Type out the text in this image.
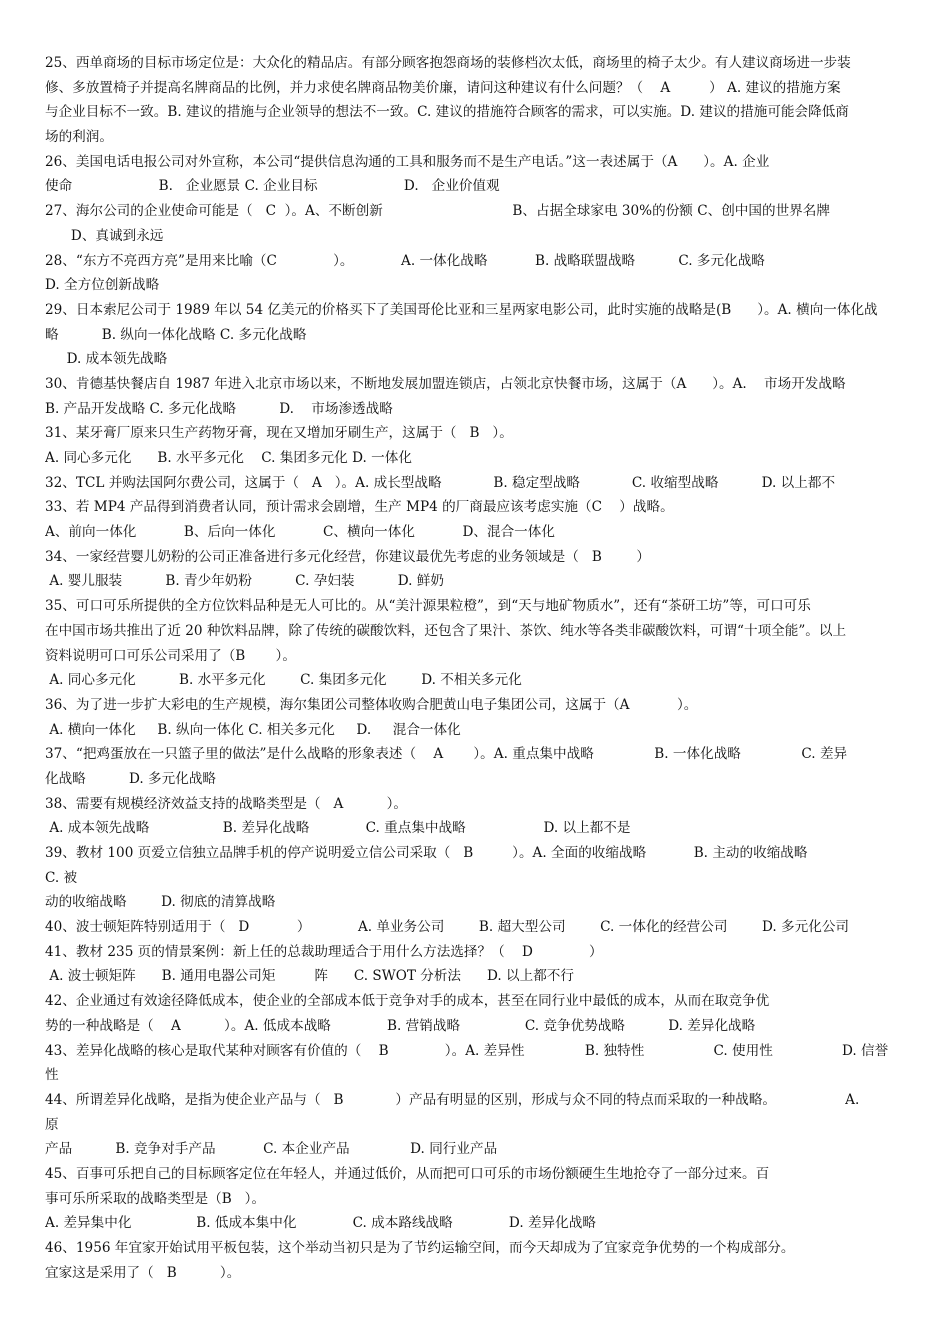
25、西单商场的目标市场定位是：大众化的精品店。有部分顾客抱怨商场的装修档次太低，商场里的椅子太少。有人建议商场进一步装
修、多放置椅子并提高名牌商品的比例，并力求使名牌商品物美价廉，请问这种建议有什么问题？（    A         ） A. 建议的措施方案
与企业目标不一致。B. 建议的措施与企业领导的想法不一致。C. 建议的措施符合顾客的需求，可以实施。D. 建议的措施可能会降低商
场的利润。
26、美国电话电报公司对外宣称，本公司“提供信息沟通的工具和服务而不是生产电话。”这一表述属于（A      ）。A. 企业
使命                    B.   企业愿景 C. 企业目标                    D.   企业价值观
27、海尔公司的企业使命可能是（   C  ）。A、不断创新                              B、占据全球家电 30%的份额 C、创中国的世界名牌
D、真诚到永远
28、“东方不亮西方亮”是用来比喻（C             ）。           A. 一体化战略           B. 战略联盟战略          C. 多元化战略
D. 全方位创新战略
29、日本索尼公司于 1989 年以 54 亿美元的价格买下了美国哥伦比亚和三星两家电影公司，此时实施的战略是(B      ）。A. 横向一体化战
略          B. 纵向一体化战略 C. 多元化战略
D. 成本领先战略
30、肯德基快餐店自 1987 年进入北京市场以来，不断地发展加盟连锁店，占领北京快餐市场，这属于（A      ）。A.    市场开发战略
B. 产品开发战略 C. 多元化战略          D.    市场渗透战略
31、某牙膏厂原来只生产药物牙膏，现在又增加牙刷生产，这属于（   B   ）。
A. 同心多元化      B. 水平多元化    C. 集团多元化 D. 一体化
32、TCL 并购法国阿尔费公司，这属于（   A   ）。A. 成长型战略            B. 稳定型战略            C. 收缩型战略          D. 以上都不
33、若 MP4 产品得到消费者认同，预计需求会剧增，生产 MP4 的厂商最应该考虑实施（C    ）战略。
A、前向一体化           B、后向一体化           C、横向一体化           D、混合一体化
34、一家经营婴儿奶粉的公司正准备进行多元化经营，你建议最优先考虑的业务领域是（   B        ）
A. 婴儿服装          B. 青少年奶粉          C. 孕妇装          D. 鲜奶
35、可口可乐所提供的全方位饮料品种是无人可比的。从“美汁源果粒橙”，到“天与地矿物质水”，还有“茶研工坊”等，可口可乐
在中国市场共推出了近 20 种饮料品牌，除了传统的碳酸饮料，还包含了果汁、茶饮、纯水等各类非碳酸饮料，可谓“十项全能”。以上
资料说明可口可乐公司采用了（B       ）。
A. 同心多元化          B. 水平多元化        C. 集团多元化        D. 不相关多元化
36、为了进一步扩大彩电的生产规模，海尔集团公司整体收购合肥黄山电子集团公司，这属于（A           ）。
A. 横向一体化     B. 纵向一体化 C. 相关多元化     D.     混合一体化
37、“把鸡蛋放在一只篮子里的做法”是什么战略的形象表述（    A       ）。A. 重点集中战略              B. 一体化战略              C. 差异
化战略          D. 多元化战略
38、需要有规模经济效益支持的战略类型是（   A          ）。
A. 成本领先战略                 B. 差异化战略             C. 重点集中战略                  D. 以上都不是
39、教材 100 页爱立信独立品牌手机的停产说明爱立信公司采取（   B         ）。A. 全面的收缩战略           B. 主动的收缩战略
C. 被
动的收缩战略        D. 彻底的清算战略
40、波士顿矩阵特别适用于（   D           ）           A. 单业务公司        B. 超大型公司        C. 一体化的经营公司        D. 多元化公司
41、教材 235 页的情景案例：新上任的总裁助理适合于用什么方法选择？（    D             ）
A. 波士顿矩阵      B. 通用电器公司矩         阵      C. SWOT 分析法      D. 以上都不行
42、企业通过有效途径降低成本，使企业的全部成本低于竞争对手的成本，甚至在同行业中最低的成本，从而在取竞争优
势的一种战略是（    A          ）。A. 低成本战略             B. 营销战略               C. 竞争优势战略          D. 差异化战略
43、差异化战略的核心是取代某种对顾客有价值的（    B             ）。A. 差异性              B. 独特性                C. 使用性                D. 信誉
性
44、所谓差异化战略，是指为使企业产品与（   B            ）产品有明显的区别，形成与众不同的特点而采取的一种战略。                A.
原
产品          B. 竞争对手产品           C. 本企业产品              D. 同行业产品
45、百事可乐把自己的目标顾客定位在年轻人，并通过低价，从而把可口可乐的市场份额硬生生地抢夺了一部分过来。百
事可乐所采取的战略类型是（B   ）。
A. 差异集中化               B. 低成本集中化             C. 成本路线战略             D. 差异化战略
46、1956 年宜家开始试用平板包装，这个举动当初只是为了节约运输空间，而今天却成为了宜家竞争优势的一个构成部分。
宜家这是采用了（   B          ）。
